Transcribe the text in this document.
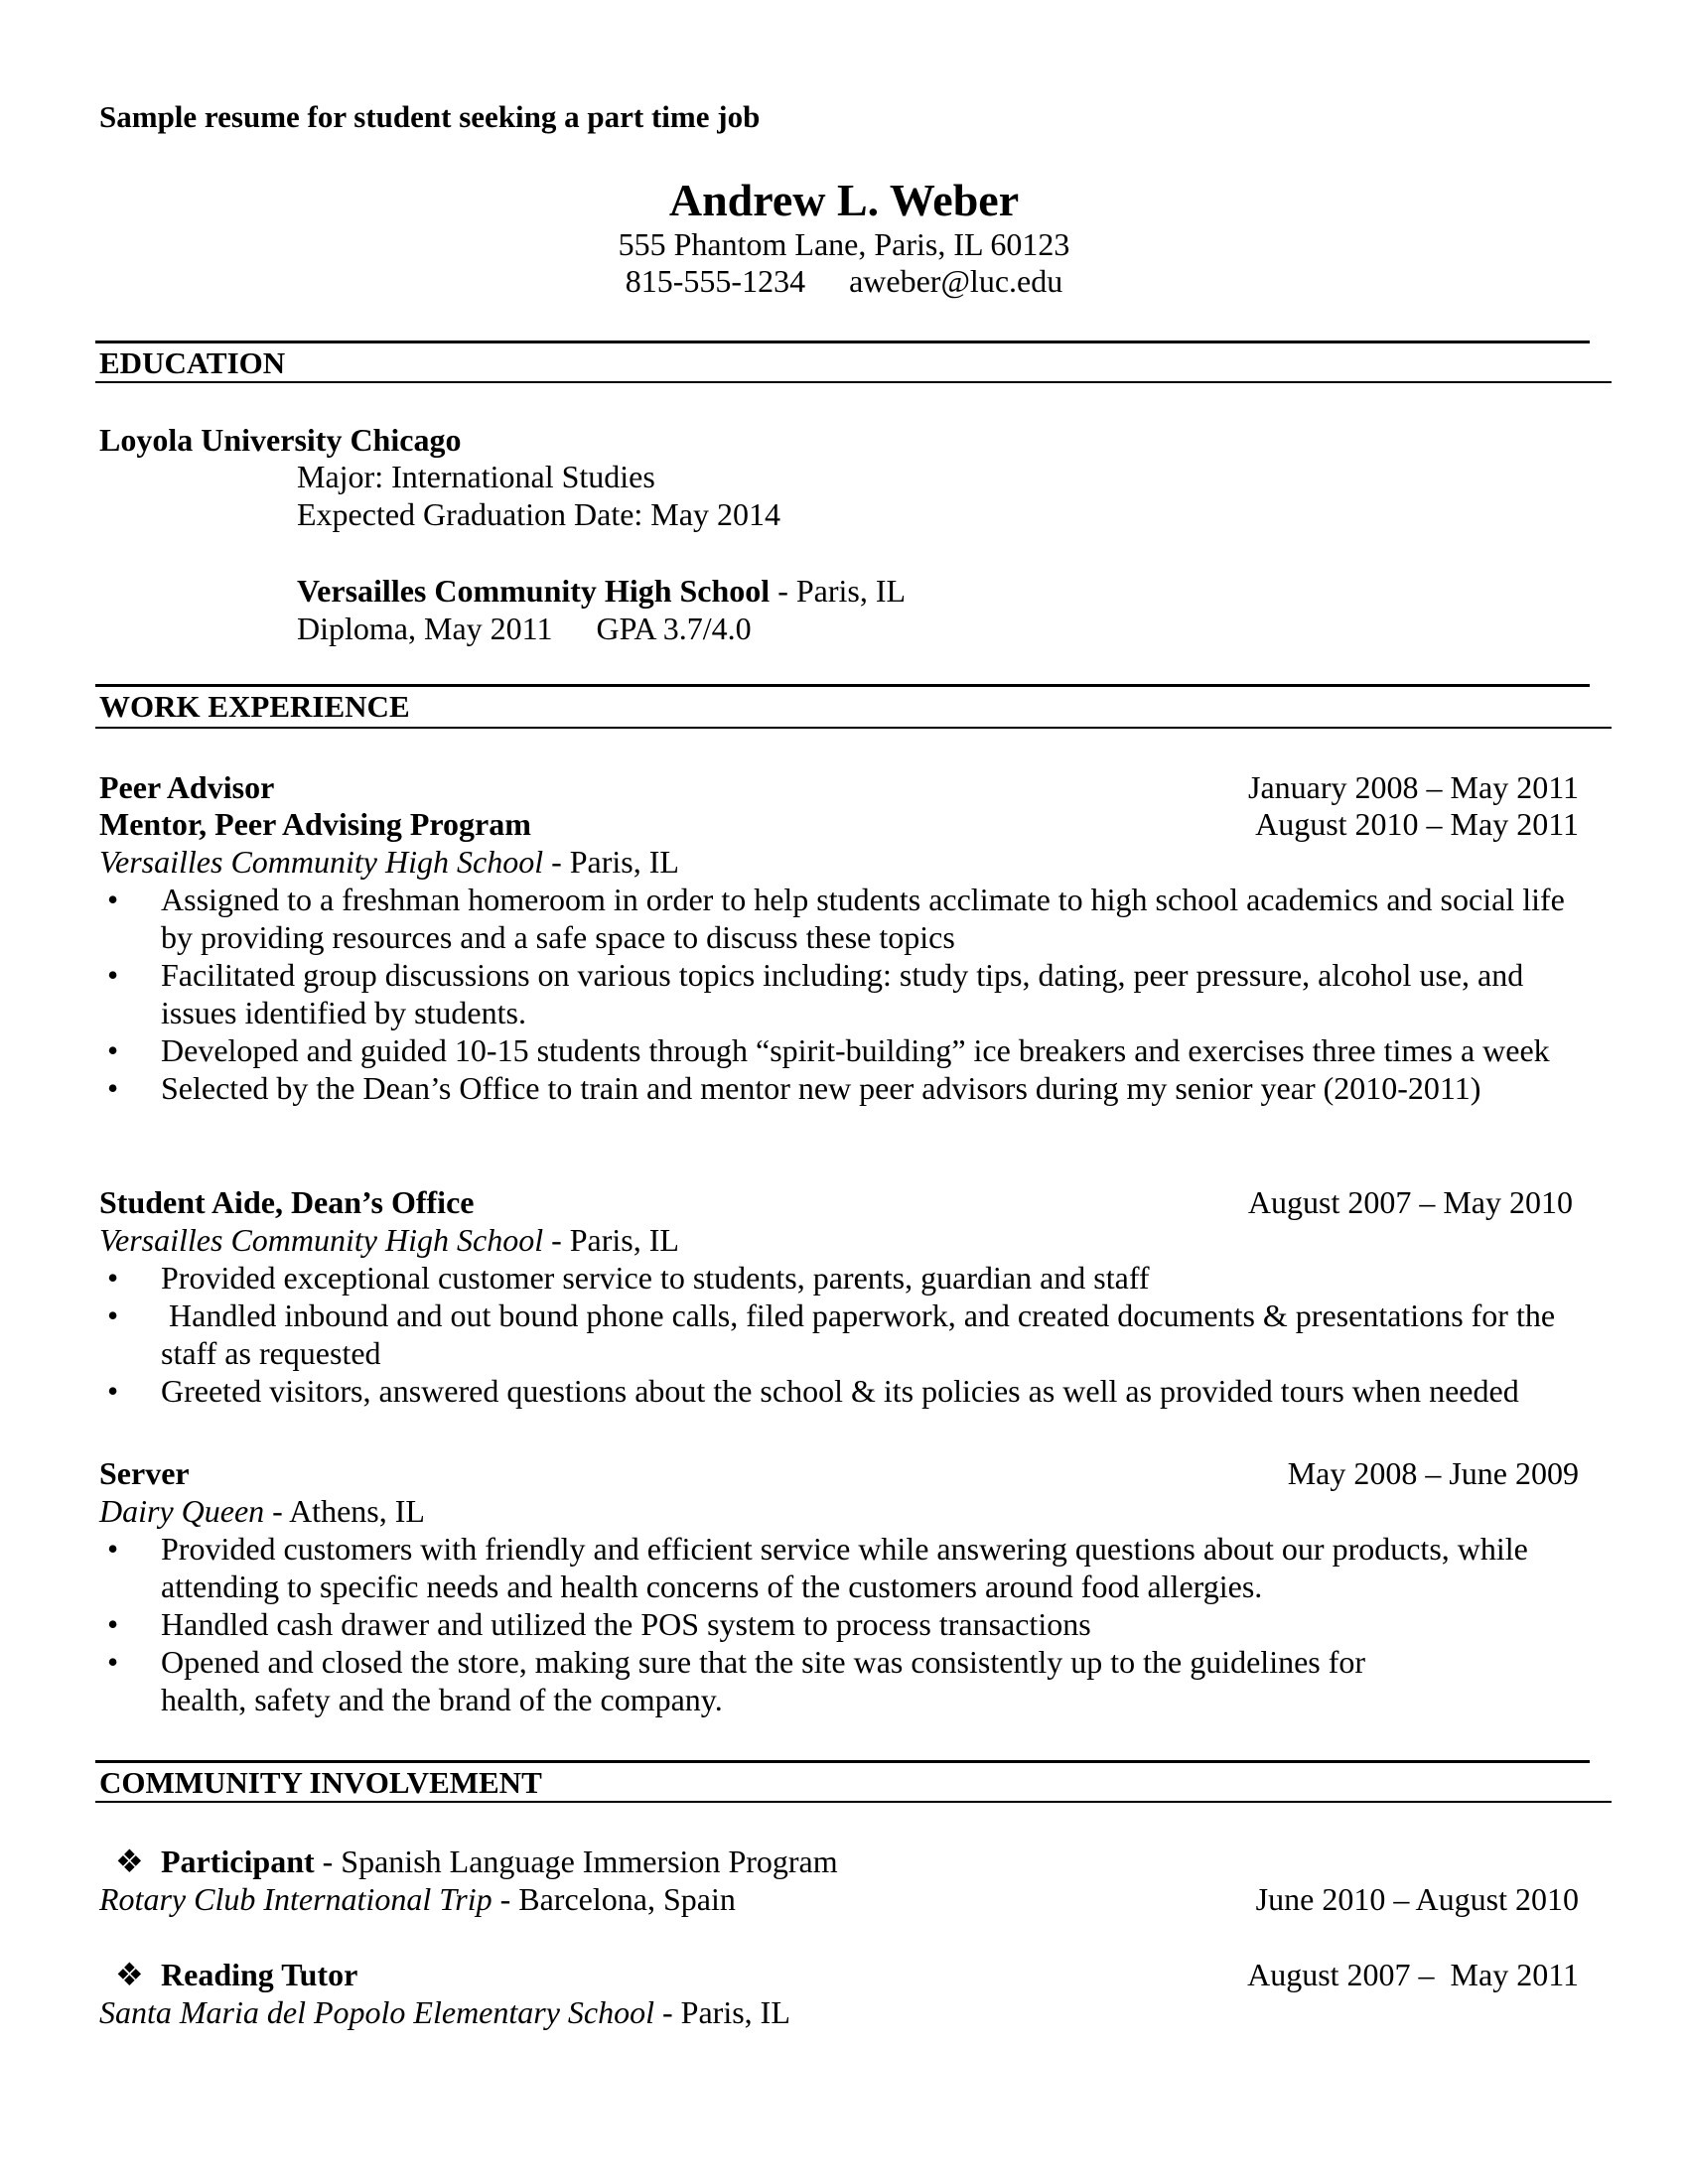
Sample resume for student seeking a part time job
Andrew L. Weber
555 Phantom Lane, Paris, IL 60123
815-555-1234 aweber@luc.edu
EDUCATION
Loyola University Chicago
Major: International Studies
Expected Graduation Date: May 2014
Versailles Community High School - Paris, IL
Diploma, May 2011 GPA 3.7/4.0
WORK EXPERIENCE
Peer Advisor	January 2008 – May 2011
Mentor, Peer Advising Program	August 2010 – May 2011
Versailles Community High School - Paris, IL
• Assigned to a freshman homeroom in order to help students acclimate to high school academics and social life by providing resources and a safe space to discuss these topics
• Facilitated group discussions on various topics including: study tips, dating, peer pressure, alcohol use, and issues identified by students.
• Developed and guided 10-15 students through “spirit-building” ice breakers and exercises three times a week
• Selected by the Dean’s Office to train and mentor new peer advisors during my senior year (2010-2011)
Student Aide, Dean’s Office	August 2007 – May 2010
Versailles Community High School - Paris, IL
• Provided exceptional customer service to students, parents, guardian and staff
• Handled inbound and out bound phone calls, filed paperwork, and created documents & presentations for the staff as requested
• Greeted visitors, answered questions about the school & its policies as well as provided tours when needed
Server	May 2008 – June 2009
Dairy Queen - Athens, IL
• Provided customers with friendly and efficient service while answering questions about our products, while attending to specific needs and health concerns of the customers around food allergies.
• Handled cash drawer and utilized the POS system to process transactions
• Opened and closed the store, making sure that the site was consistently up to the guidelines for health, safety and the brand of the company.
COMMUNITY INVOLVEMENT
❖ Participant - Spanish Language Immersion Program
Rotary Club International Trip - Barcelona, Spain	June 2010 – August 2010
❖ Reading Tutor	August 2007 –  May 2011
Santa Maria del Popolo Elementary School - Paris, IL
